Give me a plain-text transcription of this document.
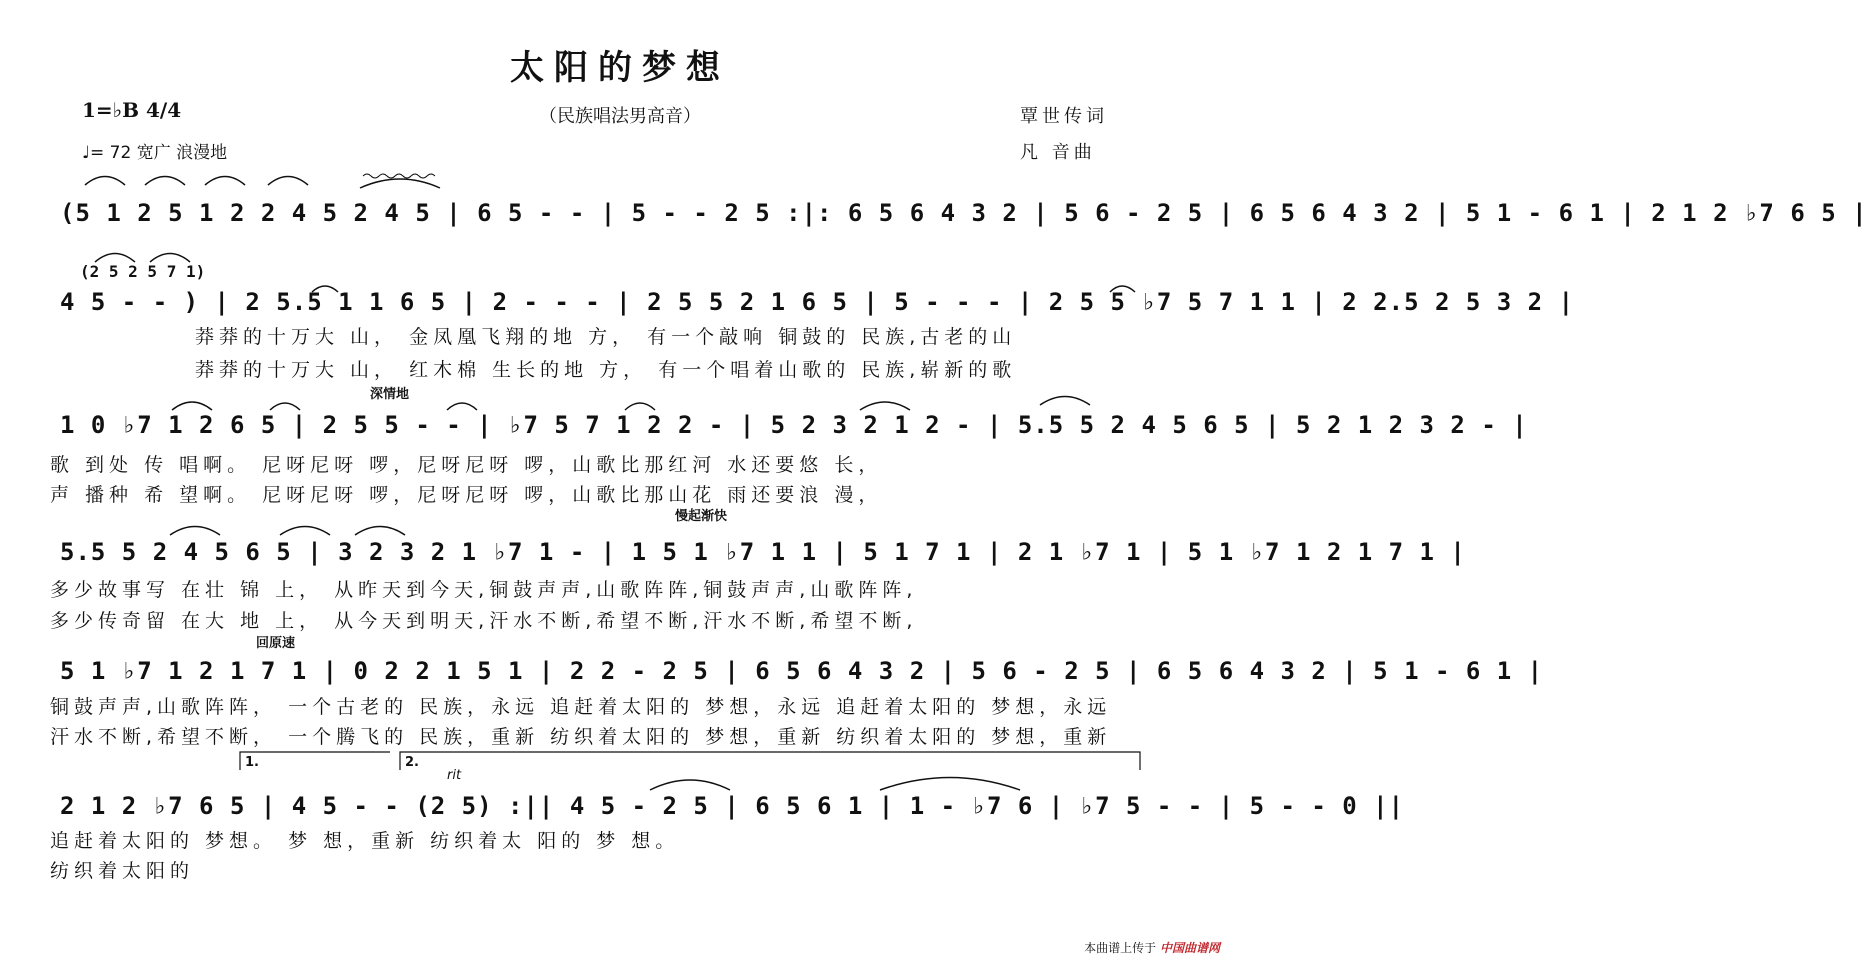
太阳的梦想
1=♭B 4/4	（民族唱法男高音）	覃世传词
♩= 72 宽广 浪漫地	凡 音曲
(5 1 2 5 1 2 2 4 5 2 4 5 | 6 5 - - | 5 - - 2 5 :|: 6 5 6 4 3 2 | 5 6 - 2 5 | 6 5 6 4 3 2 | 5 1 - 6 1 | 2 1 2 ♭7 6 5 |
(2 5 2 5 7 1)
4 5 - - ) | 2 5.5 1 1 6 5 | 2 - - - | 2 5 5 2 1 6 5 | 5 - - - | 2 5 5 ♭7 5 7 1 1 | 2 2.5 2 5 3 2 |
莽莽的十万大 山， 金凤凰飞翔的地 方， 有一个敲响 铜鼓的 民族,古老的山
莽莽的十万大 山， 红木棉 生长的地 方， 有一个唱着山歌的 民族,崭新的歌
深情地
1 0 ♭7 1 2 6 5 | 2 5 5 - - | ♭7 5 7 1 2 2 - | 5 2 3 2 1 2 - | 5.5 5 2 4 5 6 5 | 5 2 1 2 3 2 - |
歌 到处 传 唱啊。 尼呀尼呀 啰，尼呀尼呀 啰，山歌比那红河 水还要悠 长，
声 播种 希 望啊。 尼呀尼呀 啰，尼呀尼呀 啰，山歌比那山花 雨还要浪 漫，
慢起渐快
5.5 5 2 4 5 6 5 | 3 2 3 2 1 ♭7 1 - | 1 5 1 ♭7 1 1 | 5 1 7 1 | 2 1 ♭7 1 | 5 1 ♭7 1 2 1 7 1 |
多少故事写 在壮 锦 上， 从昨天到今天,铜鼓声声,山歌阵阵,铜鼓声声,山歌阵阵,
多少传奇留 在大 地 上， 从今天到明天,汗水不断,希望不断,汗水不断,希望不断,
回原速
5 1 ♭7 1 2 1 7 1 | 0 2 2 1 5 1 | 2 2 - 2 5 | 6 5 6 4 3 2 | 5 6 - 2 5 | 6 5 6 4 3 2 | 5 1 - 6 1 |
铜鼓声声,山歌阵阵， 一个古老的 民族，永远 追赶着太阳的 梦想，永远 追赶着太阳的 梦想，永远
汗水不断,希望不断， 一个腾飞的 民族，重新 纺织着太阳的 梦想，重新 纺织着太阳的 梦想，重新
1.	2.
rit
2 1 2 ♭7 6 5 | 4 5 - - (2 5) :|| 4 5 - 2 5 | 6 5 6 1 | 1 - ♭7 6 | ♭7 5 - - | 5 - - 0 ||
追赶着太阳的 梦想。 梦 想，重新 纺织着太 阳的 梦 想。
纺织着太阳的
本曲谱上传于 中国曲谱网
